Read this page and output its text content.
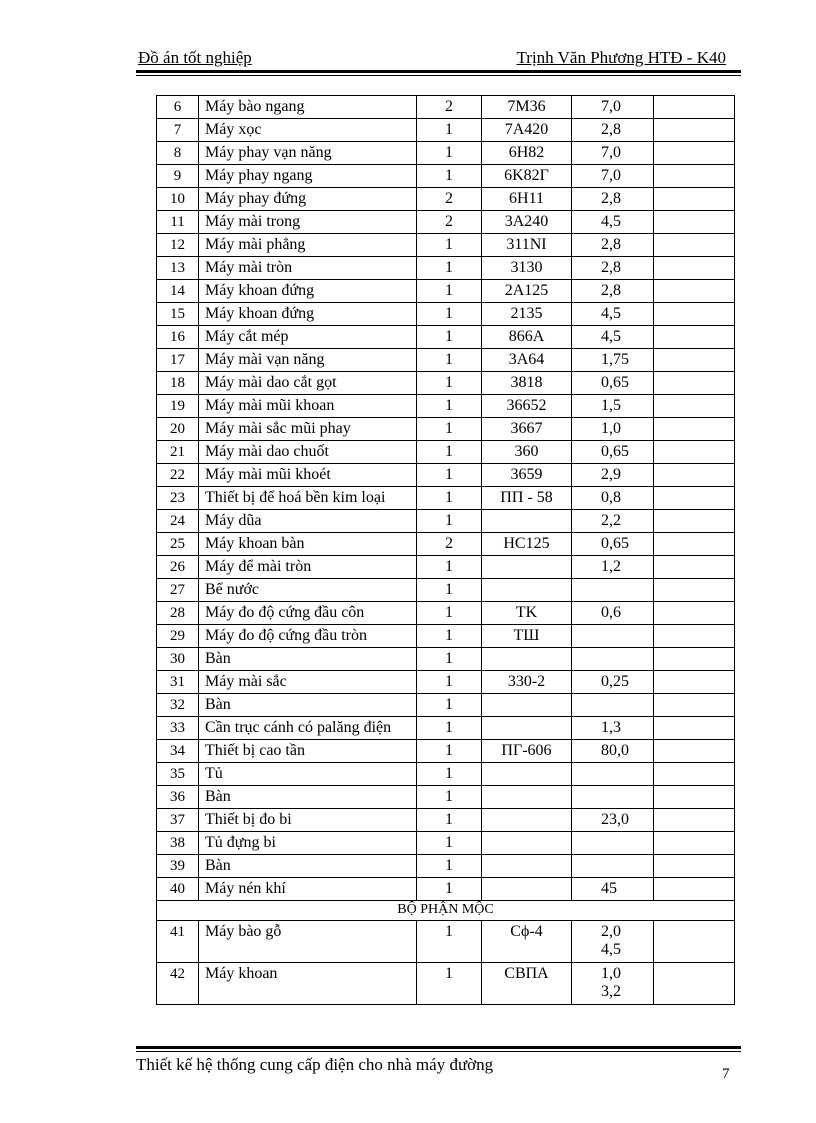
Đồ án tốt nghiệp	Trịnh Văn Phương HTĐ - K40
6	Máy bào ngang	2	7M36	7,0	
7	Máy xọc	1	7A420	2,8	
8	Máy phay vạn năng	1	6H82	7,0	
9	Máy phay ngang	1	6K82Г	7,0	
10	Máy phay đứng	2	6H11	2,8	
11	Máy mài trong	2	3A240	4,5	
12	Máy mài phẳng	1	311NI	2,8	
13	Máy mài tròn	1	3130	2,8	
14	Máy khoan đứng	1	2A125	2,8	
15	Máy khoan đứng	1	2135	4,5	
16	Máy cắt mép	1	866A	4,5	
17	Máy mài vạn năng	1	3A64	1,75	
18	Máy mài dao cắt gọt	1	3818	0,65	
19	Máy mài mũi khoan	1	36652	1,5	
20	Máy mài sắc mũi phay	1	3667	1,0	
21	Máy mài dao chuốt	1	360	0,65	
22	Máy mài mũi khoét	1	3659	2,9	
23	Thiết bị để hoá bền kim loại	1	ПП - 58	0,8	
24	Máy dũa	1		2,2	
25	Máy khoan bàn	2	HC125	0,65	
26	Máy để mài tròn	1		1,2	
27	Bể nước	1			
28	Máy đo độ cứng đầu côn	1	TK	0,6	
29	Máy đo độ cứng đầu tròn	1	TШ		
30	Bàn	1			
31	Máy mài sắc	1	330-2	0,25	
32	Bàn	1			
33	Cần trục cánh có palăng điện	1		1,3	
34	Thiết bị cao tần	1	ПГ-606	80,0	
35	Tủ	1			
36	Bàn	1			
37	Thiết bị đo bi	1		23,0	
38	Tủ đựng bi	1			
39	Bàn	1			
40	Máy nén khí	1		45	
BỘ PHẬN MỘC					
41	Máy bào gỗ	1	Cϕ-4	2,0
4,5	

42	Máy khoan	1	СВПА	1,0
3,2	

Thiết kế hệ thống cung cấp điện cho nhà máy đường	7
